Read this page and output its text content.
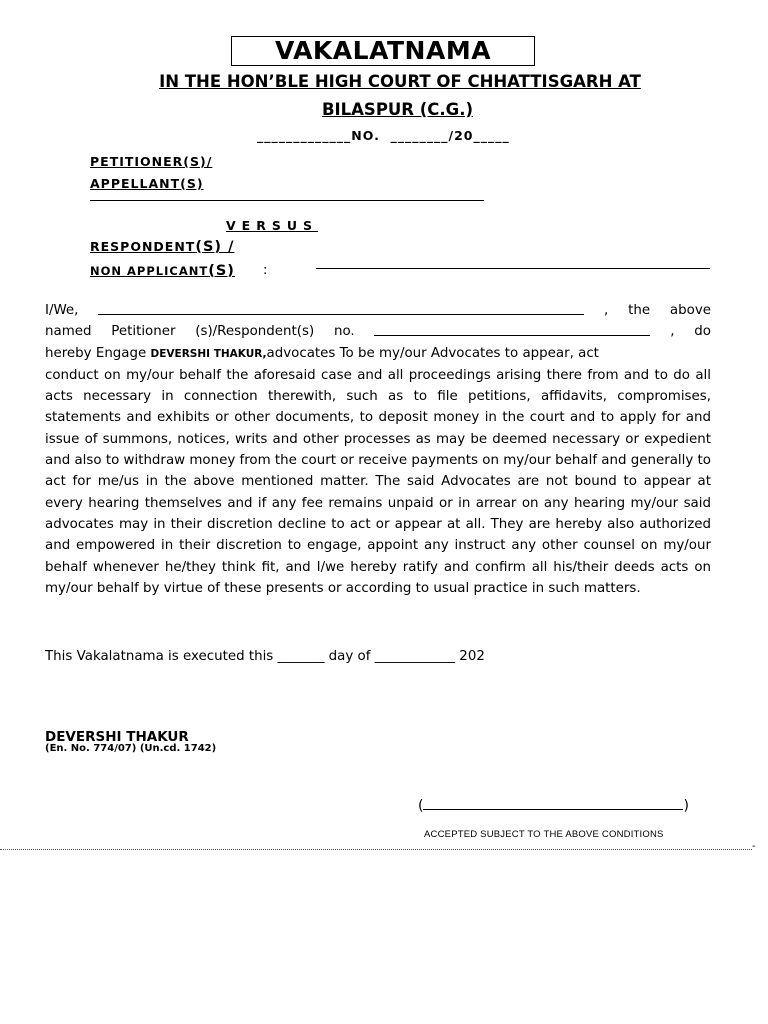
VAKALATNAMA
IN THE HON’BLE HIGH COURT OF CHHATTISGARH AT
BILASPUR (C.G.)
_____________NO.  ________/20_____
PETITIONER(S)/
APPELLANT(S)
VERSUS
RESPONDENT(S) /
NON APPLICANT(S) :
I/We,	, the above
named Petitioner (s)/Respondent(s) no.	, do
hereby Engage DEVERSHI THAKUR,advocates To be my/our Advocates to appear, act
conduct on my/our behalf the aforesaid case and all proceedings arising there from and to do all acts necessary in connection therewith, such as to file petitions, affidavits, compromises, statements and exhibits or other documents, to deposit money in the court and to apply for and issue of summons, notices, writs and other processes as may be deemed necessary or expedient and also to withdraw money from the court or receive payments on my/our behalf and generally to act for me/us in the above mentioned matter. The said Advocates are not bound to appear at every hearing themselves and if any fee remains unpaid or in arrear on any hearing my/our said advocates may in their discretion decline to act or appear at all. They are hereby also authorized and empowered in their discretion to engage, appoint any instruct any other counsel on my/our behalf whenever he/they think fit, and I/we hereby ratify and confirm all his/their deeds acts on my/our behalf by virtue of these presents or according to usual practice in such matters.
This Vakalatnama is executed this _______ day of ____________ 202
DEVERSHI THAKUR
(En. No. 774/07) (Un.cd. 1742)
(	)
ACCEPTED SUBJECT TO THE ABOVE CONDITIONS
-
